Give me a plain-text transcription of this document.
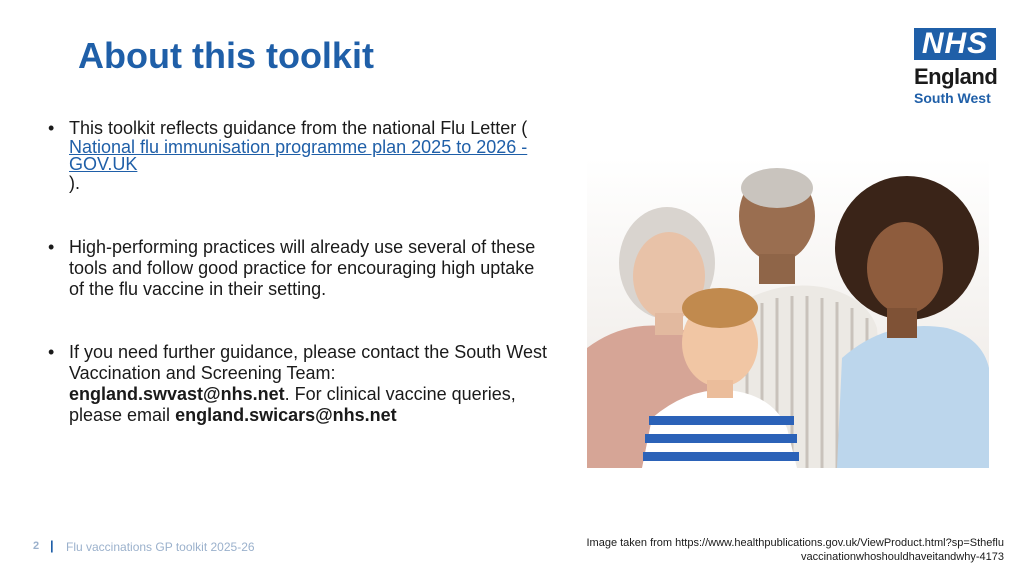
About this toolkit	NHS
England
South West
• This toolkit reflects guidance from the national Flu Letter (
National flu immunisation programme plan 2025 to 2026 - GOV.UK
).
• High-performing practices will already use several of these tools and follow good practice for encouraging high uptake of the flu vaccine in their setting.
• If you need further guidance, please contact the South West Vaccination and Screening Team: england.swvast@nhs.net. For clinical vaccine queries, please email england.swicars@nhs.net
2 | Flu vaccinations GP toolkit 2025-26	Image taken from https://www.healthpublications.gov.uk/ViewProduct.html?sp=Sthefluvaccinationwhoshouldhaveitandwhy-4173
